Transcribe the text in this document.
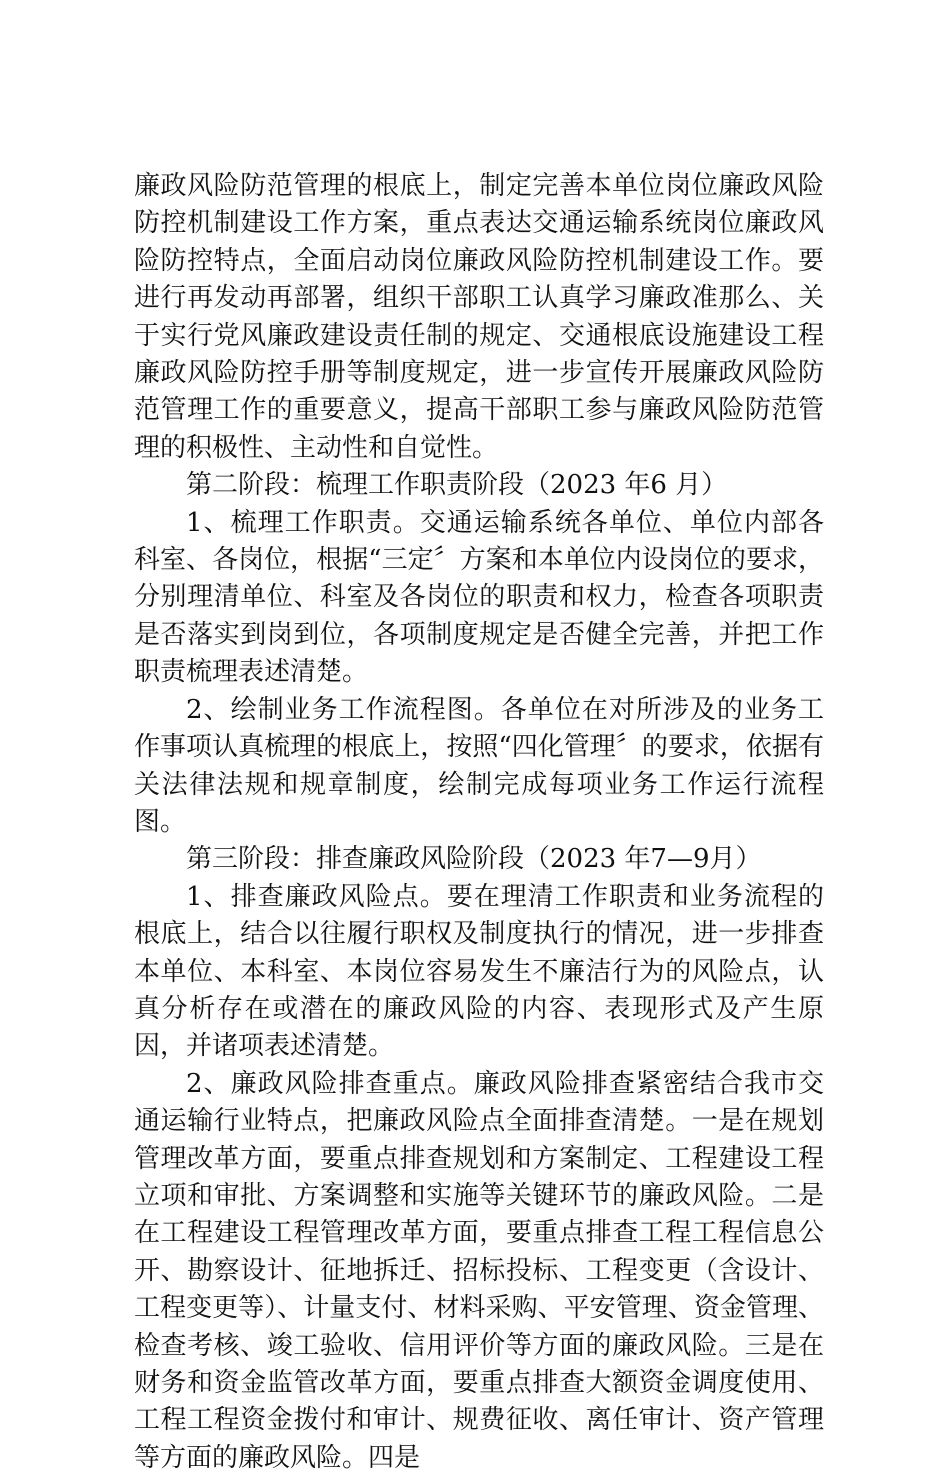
廉政风险防范管理的根底上，制定完善本单位岗位廉政风险防控机制建设工作方案，重点表达交通运输系统岗位廉政风险防控特点，全面启动岗位廉政风险防控机制建设工作。要进行再发动再部署，组织干部职工认真学习廉政准那么、关于实行党风廉政建设责任制的规定、交通根底设施建设工程廉政风险防控手册等制度规定，进一步宣传开展廉政风险防范管理工作的重要意义，提高干部职工参与廉政风险防范管理的积极性、主动性和自觉性。

第二阶段：梳理工作职责阶段（2023 年6 月）

1、梳理工作职责。交通运输系统各单位、单位内部各科室、各岗位，根据“三定〞方案和本单位内设岗位的要求，分别理清单位、科室及各岗位的职责和权力，检查各项职责是否落实到岗到位，各项制度规定是否健全完善，并把工作职责梳理表述清楚。

2、绘制业务工作流程图。各单位在对所涉及的业务工作事项认真梳理的根底上，按照“四化管理〞的要求，依据有关法律法规和规章制度，绘制完成每项业务工作运行流程图。

第三阶段：排查廉政风险阶段（2023 年7—9月）

1、排查廉政风险点。要在理清工作职责和业务流程的根底上，结合以往履行职权及制度执行的情况，进一步排查本单位、本科室、本岗位容易发生不廉洁行为的风险点，认真分析存在或潜在的廉政风险的内容、表现形式及产生原因，并诸项表述清楚。

2、廉政风险排查重点。廉政风险排查紧密结合我市交通运输行业特点，把廉政风险点全面排查清楚。一是在规划管理改革方面，要重点排查规划和方案制定、工程建设工程立项和审批、方案调整和实施等关键环节的廉政风险。二是在工程建设工程管理改革方面，要重点排查工程工程信息公开、勘察设计、征地拆迁、招标投标、工程变更（含设计、工程变更等）、计量支付、材料采购、平安管理、资金管理、检查考核、竣工验收、信用评价等方面的廉政风险。三是在财务和资金监管改革方面，要重点排查大额资金调度使用、工程工程资金拨付和审计、规费征收、离任审计、资产管理等方面的廉政风险。四是
